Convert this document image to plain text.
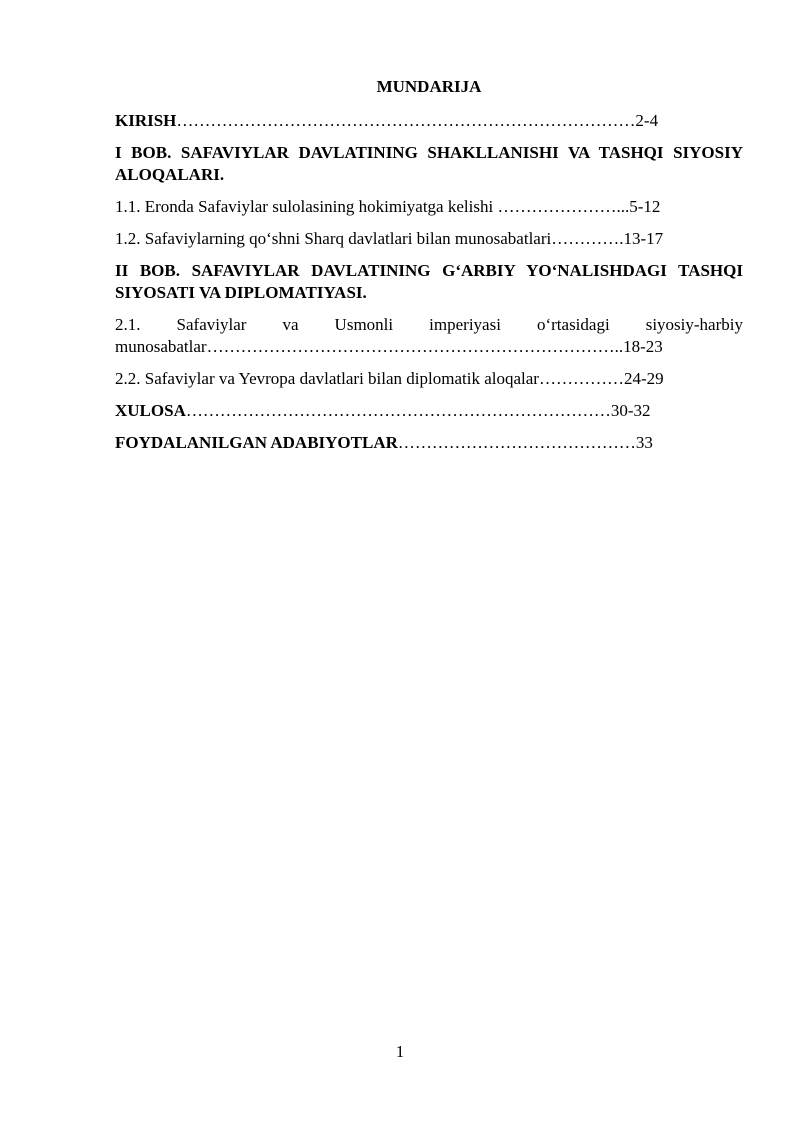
MUNDARIJA
KIRISH………………………………………………………………………2-4
I BOB. SAFAVIYLAR DAVLATINING SHAKLLANISHI VA TASHQI SIYOSIY ALOQALARI.
1.1. Eronda Safaviylar sulolasining hokimiyatga kelishi …………………...5-12
1.2. Safaviylarning qoʻshni Sharq davlatlari bilan munosabatlari………….13-17
II BOB. SAFAVIYLAR DAVLATINING GʻARBIY YOʻNALISHDAGI TASHQI SIYOSATI VA DIPLOMATIYASI.
2.1. Safaviylar va Usmonli imperiyasi oʻrtasidagi siyosiy-harbiy
munosabatlar………………………………………………………………..18-23
2.2. Safaviylar va Yevropa davlatlari bilan diplomatik aloqalar……………24-29
XULOSA…………………………………………………………………30-32
FOYDALANILGAN ADABIYOTLAR……………………………………33
1
